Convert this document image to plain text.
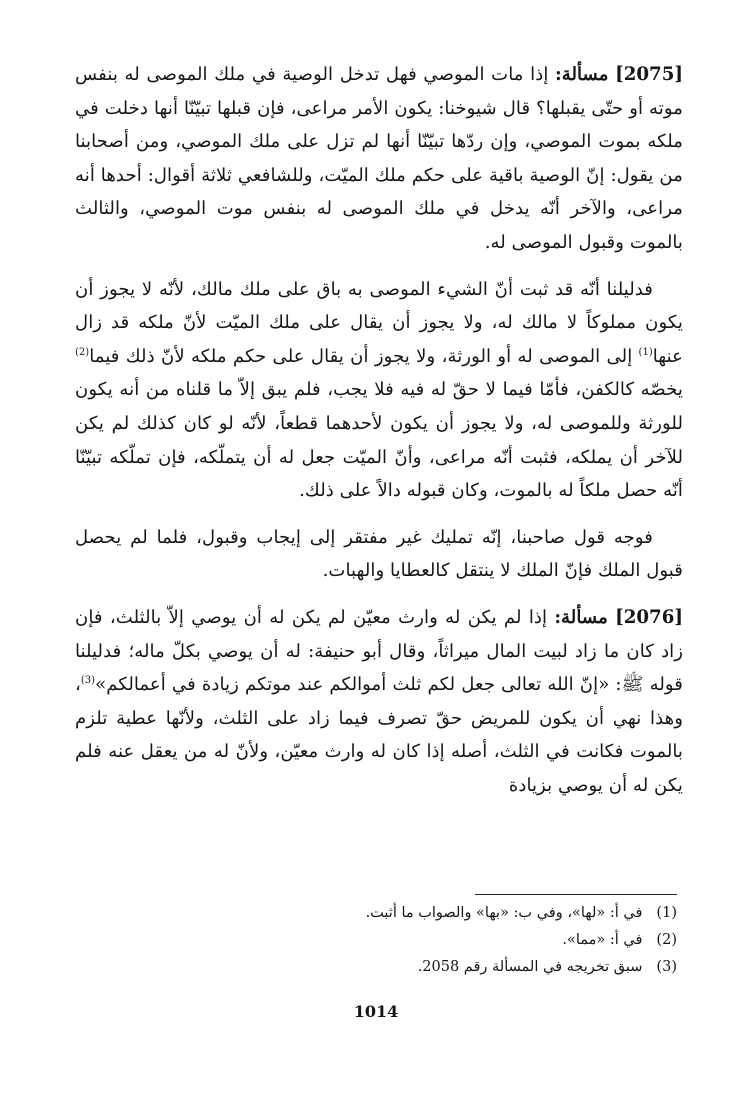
[2075] مسألة: إذا مات الموصي فهل تدخل الوصية في ملك الموصى له بنفس موته أو حتّى يقبلها؟ قال شيوخنا: يكون الأمر مراعى، فإن قبلها تبيّنّا أنها دخلت في ملكه بموت الموصي، وإن ردّها تبيّنّا أنها لم تزل على ملك الموصي، ومن أصحابنا من يقول: إنّ الوصية باقية على حكم ملك الميّت، وللشافعي ثلاثة أقوال: أحدها أنه مراعى، والآخر أنّه يدخل في ملك الموصى له بنفس موت الموصي، والثالث بالموت وقبول الموصى له.

فدليلنا أنّه قد ثبت أنّ الشيء الموصى به باق على ملك مالك، لأنّه لا يجوز أن يكون مملوكاً لا مالك له، ولا يجوز أن يقال على ملك الميّت لأنّ ملكه قد زال عنها$^{(1)}$ إلى الموصى له أو الورثة، ولا يجوز أن يقال على حكم ملكه لأنّ ذلك فيما$^{(2)}$ يخصّه كالكفن، فأمّا فيما لا حقّ له فيه فلا يجب، فلم يبق إلاّ ما قلناه من أنه يكون للورثة وللموصى له، ولا يجوز أن يكون لأحدهما قطعاً، لأنّه لو كان كذلك لم يكن للآخر أن يملكه، فثبت أنّه مراعى، وأنّ الميّت جعل له أن يتملّكه، فإن تملّكه تبيّنّا أنّه حصل ملكاً له بالموت، وكان قبوله دالاً على ذلك.

فوجه قول صاحبنا، إنّه تمليك غير مفتقر إلى إيجاب وقبول، فلما لم يحصل قبول الملك فإنّ الملك لا ينتقل كالعطايا والهبات.

[2076] مسألة: إذا لم يكن له وارث معيّن لم يكن له أن يوصي إلاّ بالثلث، فإن زاد كان ما زاد لبيت المال ميراثاً، وقال أبو حنيفة: له أن يوصي بكلّ ماله؛ فدليلنا قوله ﷺ: «إنّ الله تعالى جعل لكم ثلث أموالكم عند موتكم زيادة في أعمالكم»$^{(3)}$، وهذا نهي أن يكون للمريض حقّ تصرف فيما زاد على الثلث، ولأنّها عطية تلزم بالموت فكانت في الثلث، أصله إذا كان له وارث معيّن، ولأنّ له من يعقل عنه فلم يكن له أن يوصي بزيادة

(1)في أ: «لها»، وفي ب: «بها» والصواب ما أثبت.
(2)في أ: «مما».
(3)سبق تخريجه في المسألة رقم 2058.
1014
